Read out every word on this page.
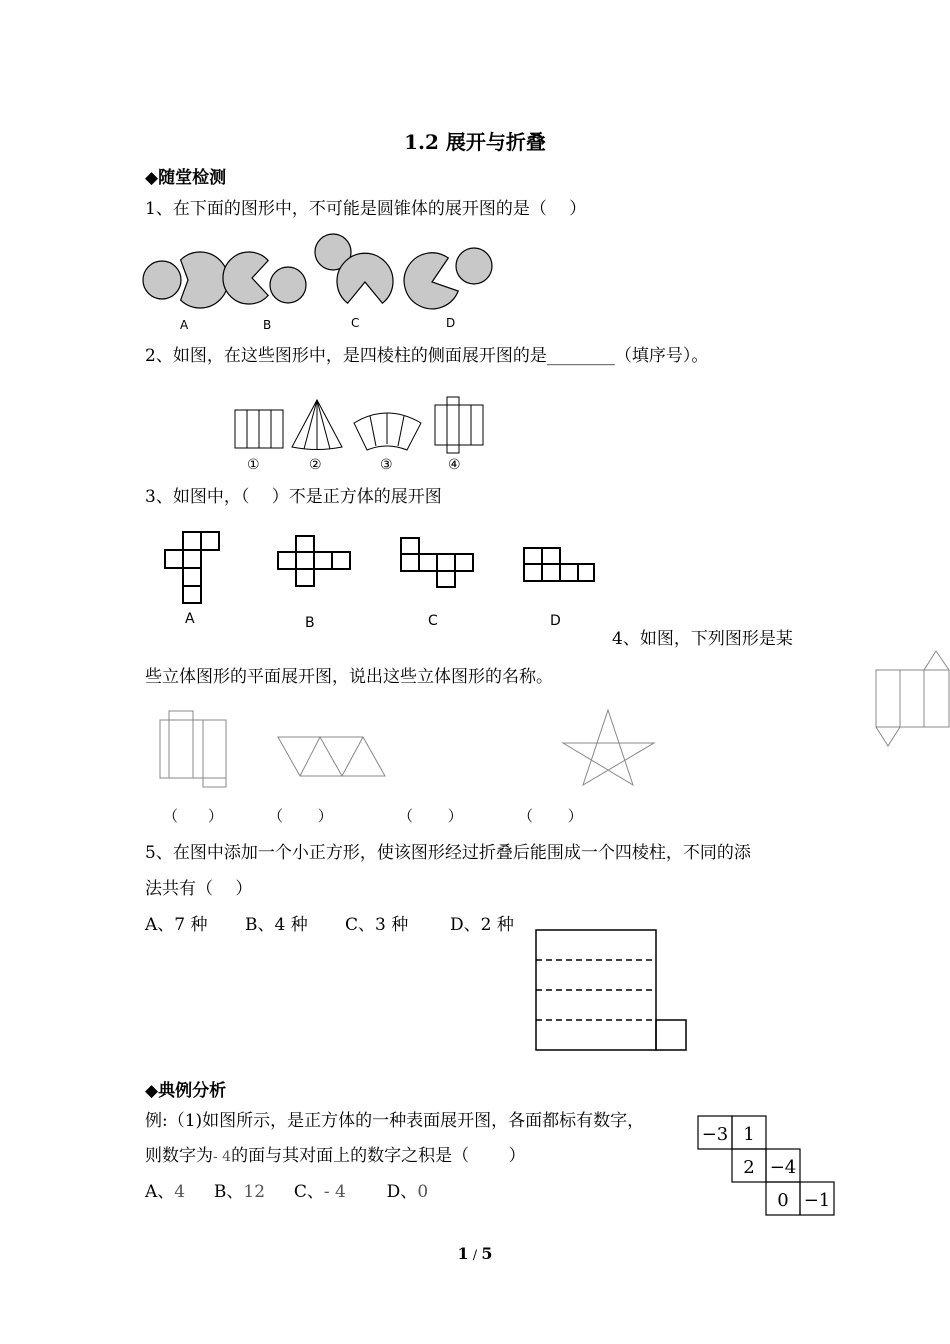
1.2 展开与折叠
◆随堂检测
1、在下面的图形中，不可能是圆锥体的展开图的是（　 ）
A	B	C	D
2、如图，在这些图形中，是四棱柱的侧面展开图的是________（填序号）。
①	②	③	④
3、如图中，（　 ）不是正方体的展开图
A	B	C	D
4、如图，下列图形是某
些立体图形的平面展开图，说出这些立体图形的名称。
（　　）	（　　 ）	（　　 ）	（　　 ）
5、在图中添加一个小正方形，使该图形经过折叠后能围成一个四棱柱，不同的添
法共有（　 ）
A、7 种 B、4 种 C、3 种 D、2 种
◆典例分析
例:（1)如图所示，是正方体的一种表面展开图，各面都标有数字，
则数字为- 4的面与其对面上的数字之积是（　　 ）
A、4 B、12 C、- 4 D、0
−3 1
2 −4
0 −1
1 / 5
